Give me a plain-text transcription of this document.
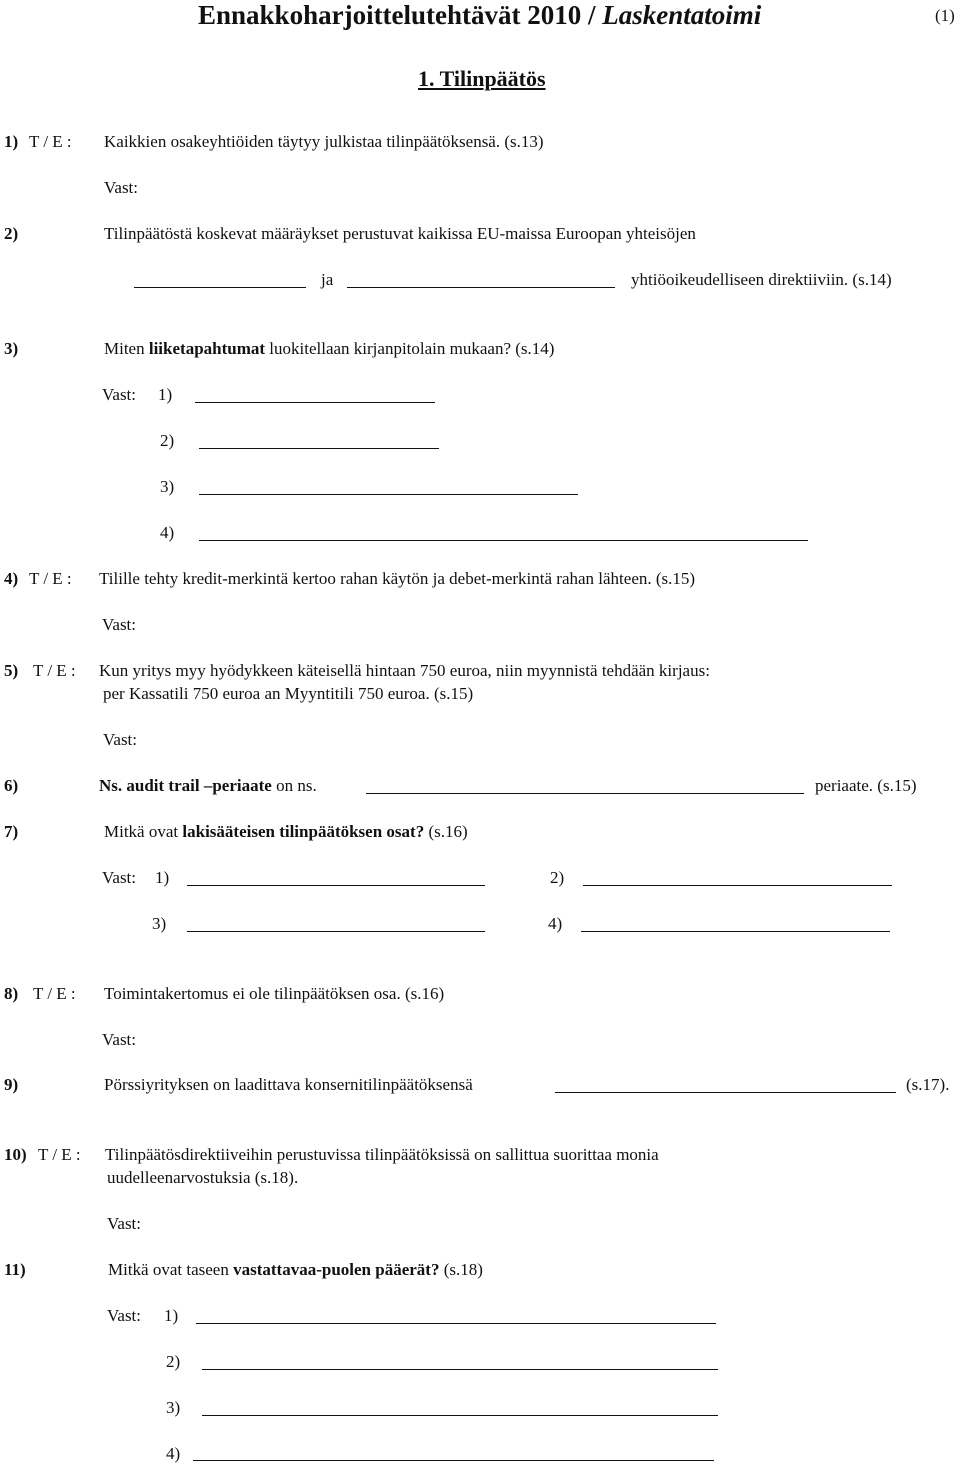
Ennakkoharjoittelutehtävät 2010 / Laskentatoimi	(1)
1. Tilinpäätös
1) T / E : Kaikkien osakeyhtiöiden täytyy julkistaa tilinpäätöksensä. (s.13)
Vast:
2)	Tilinpäätöstä koskevat määräykset perustuvat kaikissa EU-maissa Euroopan yhteisöjen
ja	yhtiöoikeudelliseen direktiiviin. (s.14)
3)	Miten liiketapahtumat luokitellaan kirjanpitolain mukaan? (s.14)
Vast: 1)
2)
3)
4)
4) T / E : Tilille tehty kredit-merkintä kertoo rahan käytön ja debet-merkintä rahan lähteen. (s.15)
Vast:
5) T / E : Kun yritys myy hyödykkeen käteisellä hintaan 750 euroa, niin myynnistä tehdään kirjaus:
per Kassatili 750 euroa an Myyntitili 750 euroa. (s.15)
Vast:
6)	Ns. audit trail –periaate on ns.	periaate. (s.15)
7)	Mitkä ovat lakisääteisen tilinpäätöksen osat? (s.16)
Vast: 1)	2)
3)	4)
8) T / E : Toimintakertomus ei ole tilinpäätöksen osa. (s.16)
Vast:
9)	Pörssiyrityksen on laadittava konsernitilinpäätöksensä	(s.17).
10) T / E : Tilinpäätösdirektiiveihin perustuvissa tilinpäätöksissä on sallittua suorittaa monia
uudelleenarvostuksia (s.18).
Vast:
11)	Mitkä ovat taseen vastattavaa-puolen pääerät? (s.18)
Vast: 1)
2)
3)
4)
